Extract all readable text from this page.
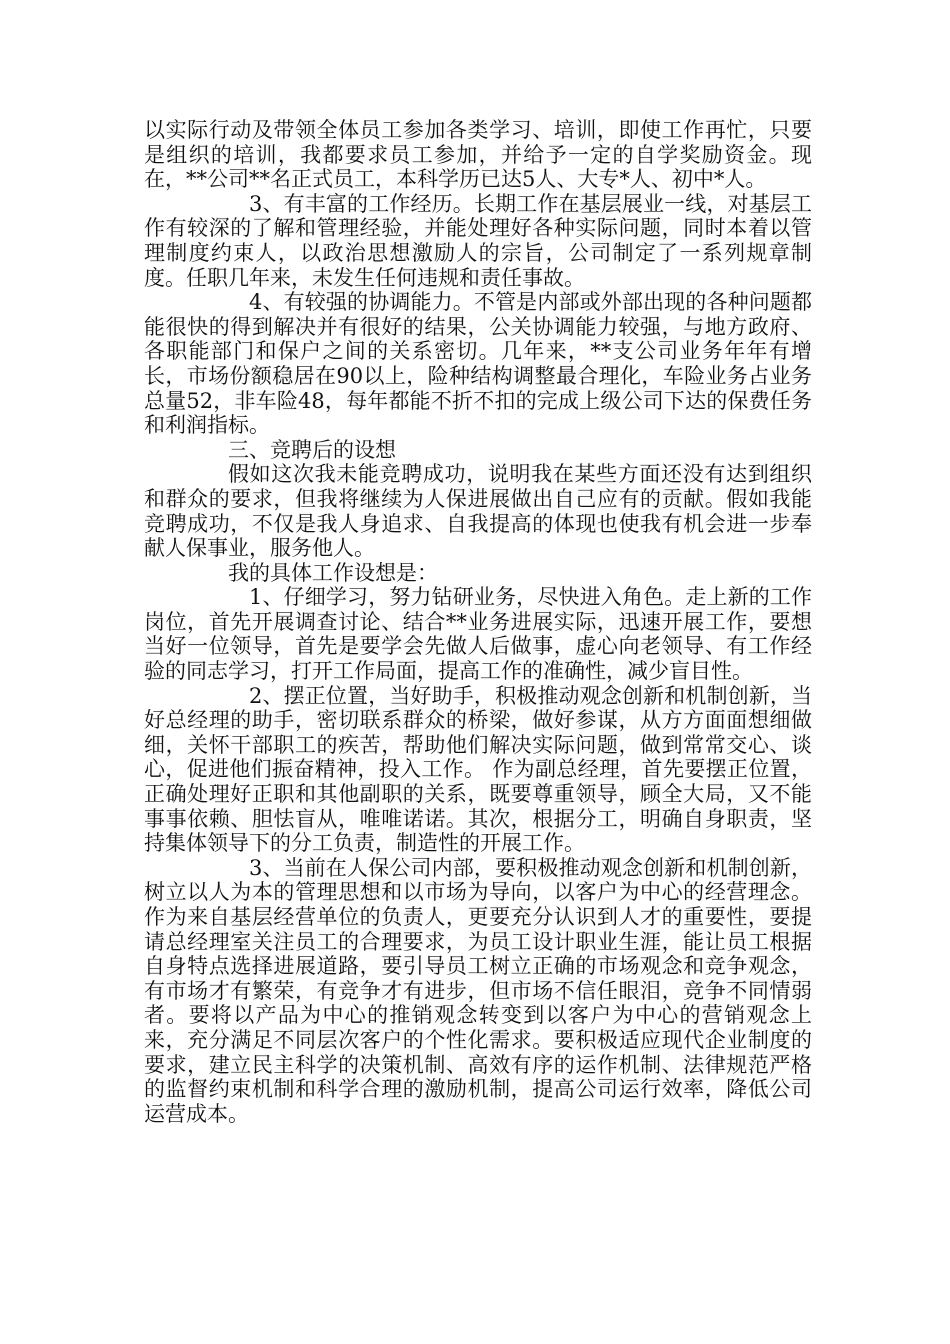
以实际行动及带领全体员工参加各类学习、培训，即使工作再忙，只要是组织的培训，我都要求员工参加，并给予一定的自学奖励资金。现在，**公司**名正式员工，本科学历已达5人、大专*人、初中*人。

3、有丰富的工作经历。长期工作在基层展业一线，对基层工作有较深的了解和管理经验，并能处理好各种实际问题，同时本着以管理制度约束人，以政治思想激励人的宗旨，公司制定了一系列规章制度。任职几年来，未发生任何违规和责任事故。

4、有较强的协调能力。不管是内部或外部出现的各种问题都能很快的得到解决并有很好的结果，公关协调能力较强，与地方政府、各职能部门和保户之间的关系密切。几年来，**支公司业务年年有增长，市场份额稳居在90以上，险种结构调整最合理化，车险业务占业务总量52，非车险48，每年都能不折不扣的完成上级公司下达的保费任务和利润指标。

三、竞聘后的设想

假如这次我未能竞聘成功，说明我在某些方面还没有达到组织和群众的要求，但我将继续为人保进展做出自己应有的贡献。假如我能竞聘成功，不仅是我人身追求、自我提高的体现也使我有机会进一步奉献人保事业，服务他人。

我的具体工作设想是：

1、仔细学习，努力钻研业务，尽快进入角色。走上新的工作岗位，首先开展调查讨论、结合**业务进展实际，迅速开展工作，要想当好一位领导，首先是要学会先做人后做事，虚心向老领导、有工作经验的同志学习，打开工作局面，提高工作的准确性，减少盲目性。

2、摆正位置，当好助手，积极推动观念创新和机制创新，当好总经理的助手，密切联系群众的桥梁，做好参谋，从方方面面想细做细，关怀干部职工的疾苦，帮助他们解决实际问题，做到常常交心、谈心，促进他们振奋精神，投入工作。 作为副总经理，首先要摆正位置，正确处理好正职和其他副职的关系，既要尊重领导，顾全大局，又不能事事依赖、胆怯盲从，唯唯诺诺。其次，根据分工，明确自身职责，坚持集体领导下的分工负责，制造性的开展工作。

3、当前在人保公司内部，要积极推动观念创新和机制创新，树立以人为本的管理思想和以市场为导向，以客户为中心的经营理念。作为来自基层经营单位的负责人，更要充分认识到人才的重要性，要提请总经理室关注员工的合理要求，为员工设计职业生涯，能让员工根据自身特点选择进展道路，要引导员工树立正确的市场观念和竞争观念，有市场才有繁荣，有竞争才有进步，但市场不信任眼泪，竞争不同情弱者。要将以产品为中心的推销观念转变到以客户为中心的营销观念上来，充分满足不同层次客户的个性化需求。要积极适应现代企业制度的要求，建立民主科学的决策机制、高效有序的运作机制、法律规范严格的监督约束机制和科学合理的激励机制，提高公司运行效率，降低公司运营成本。
